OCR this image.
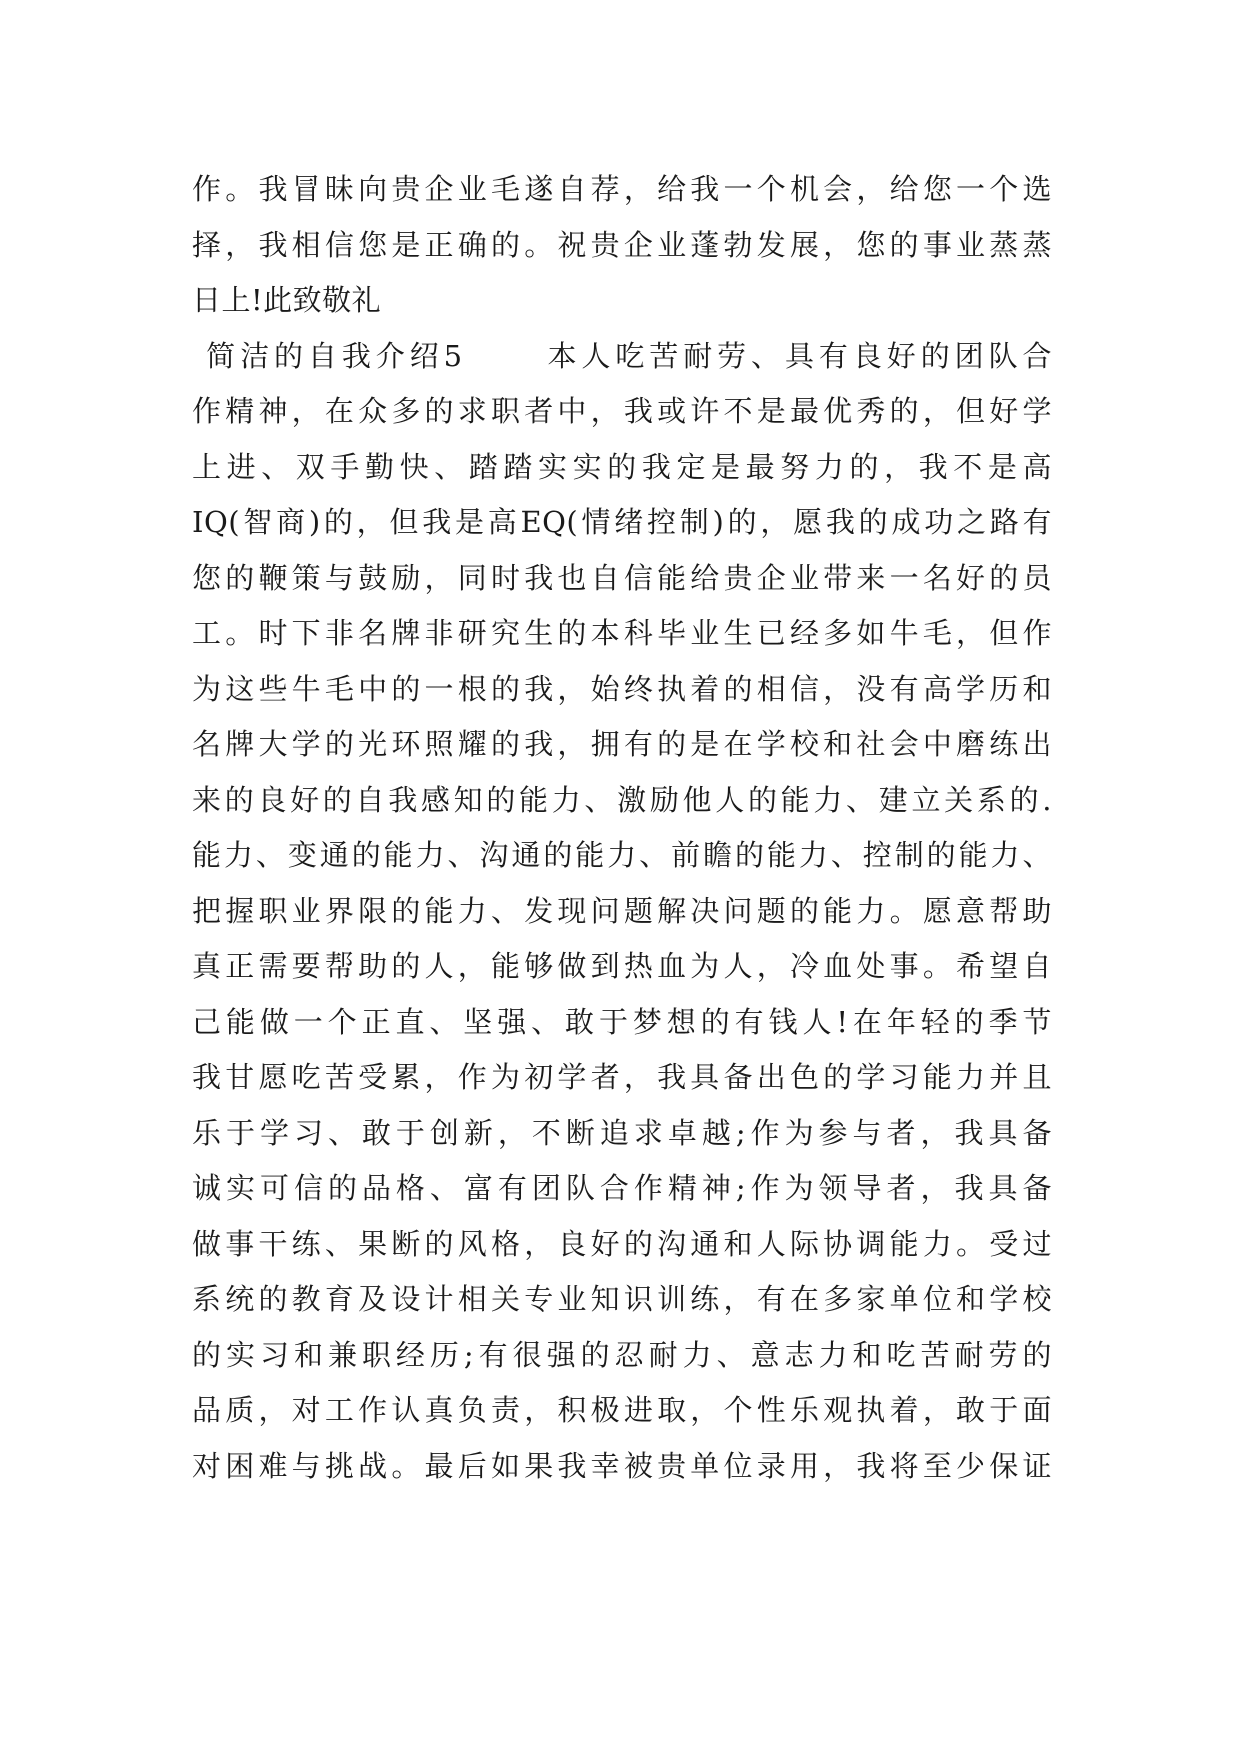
作。我冒昧向贵企业毛遂自荐，给我一个机会，给您一个选
择，我相信您是正确的。祝贵企业蓬勃发展，您的事业蒸蒸
日上!此致敬礼
简洁的自我介绍5      本人吃苦耐劳、具有良好的团队合
作精神，在众多的求职者中，我或许不是最优秀的，但好学
上进、双手勤快、踏踏实实的我定是最努力的，我不是高
IQ(智商)的，但我是高EQ(情绪控制)的，愿我的成功之路有
您的鞭策与鼓励，同时我也自信能给贵企业带来一名好的员
工。时下非名牌非研究生的本科毕业生已经多如牛毛，但作
为这些牛毛中的一根的我，始终执着的相信，没有高学历和
名牌大学的光环照耀的我，拥有的是在学校和社会中磨练出
来的良好的自我感知的能力、激励他人的能力、建立关系的.
能力、变通的能力、沟通的能力、前瞻的能力、控制的能力、
把握职业界限的能力、发现问题解决问题的能力。愿意帮助
真正需要帮助的人，能够做到热血为人，冷血处事。希望自
己能做一个正直、坚强、敢于梦想的有钱人!在年轻的季节
我甘愿吃苦受累，作为初学者，我具备出色的学习能力并且
乐于学习、敢于创新，不断追求卓越;作为参与者，我具备
诚实可信的品格、富有团队合作精神;作为领导者，我具备
做事干练、果断的风格，良好的沟通和人际协调能力。受过
系统的教育及设计相关专业知识训练，有在多家单位和学校
的实习和兼职经历;有很强的忍耐力、意志力和吃苦耐劳的
品质，对工作认真负责，积极进取，个性乐观执着，敢于面
对困难与挑战。最后如果我幸被贵单位录用，我将至少保证
